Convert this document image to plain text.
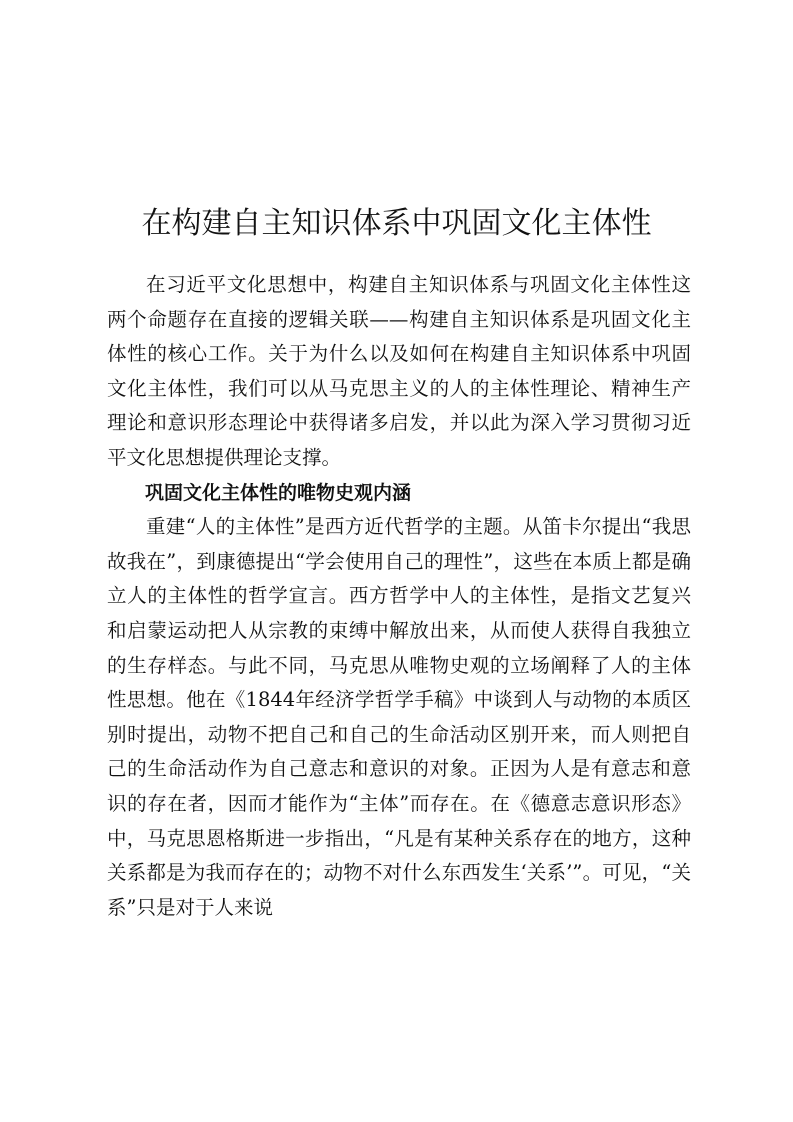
在构建自主知识体系中巩固文化主体性

在习近平文化思想中，构建自主知识体系与巩固文化主体性这两个命题存在直接的逻辑关联——构建自主知识体系是巩固文化主体性的核心工作。关于为什么以及如何在构建自主知识体系中巩固文化主体性，我们可以从马克思主义的人的主体性理论、精神生产理论和意识形态理论中获得诸多启发，并以此为深入学习贯彻习近平文化思想提供理论支撑。

巩固文化主体性的唯物史观内涵

重建“人的主体性”是西方近代哲学的主题。从笛卡尔提出“我思故我在”，到康德提出“学会使用自己的理性”，这些在本质上都是确立人的主体性的哲学宣言。西方哲学中人的主体性，是指文艺复兴和启蒙运动把人从宗教的束缚中解放出来，从而使人获得自我独立的生存样态。与此不同，马克思从唯物史观的立场阐释了人的主体性思想。他在《1844年经济学哲学手稿》中谈到人与动物的本质区别时提出，动物不把自己和自己的生命活动区别开来，而人则把自己的生命活动作为自己意志和意识的对象。正因为人是有意志和意识的存在者，因而才能作为“主体”而存在。在《德意志意识形态》中，马克思恩格斯进一步指出，“凡是有某种关系存在的地方，这种关系都是为我而存在的；动物不对什么东西发生‘关系’”。可见，“关系”只是对于人来说
